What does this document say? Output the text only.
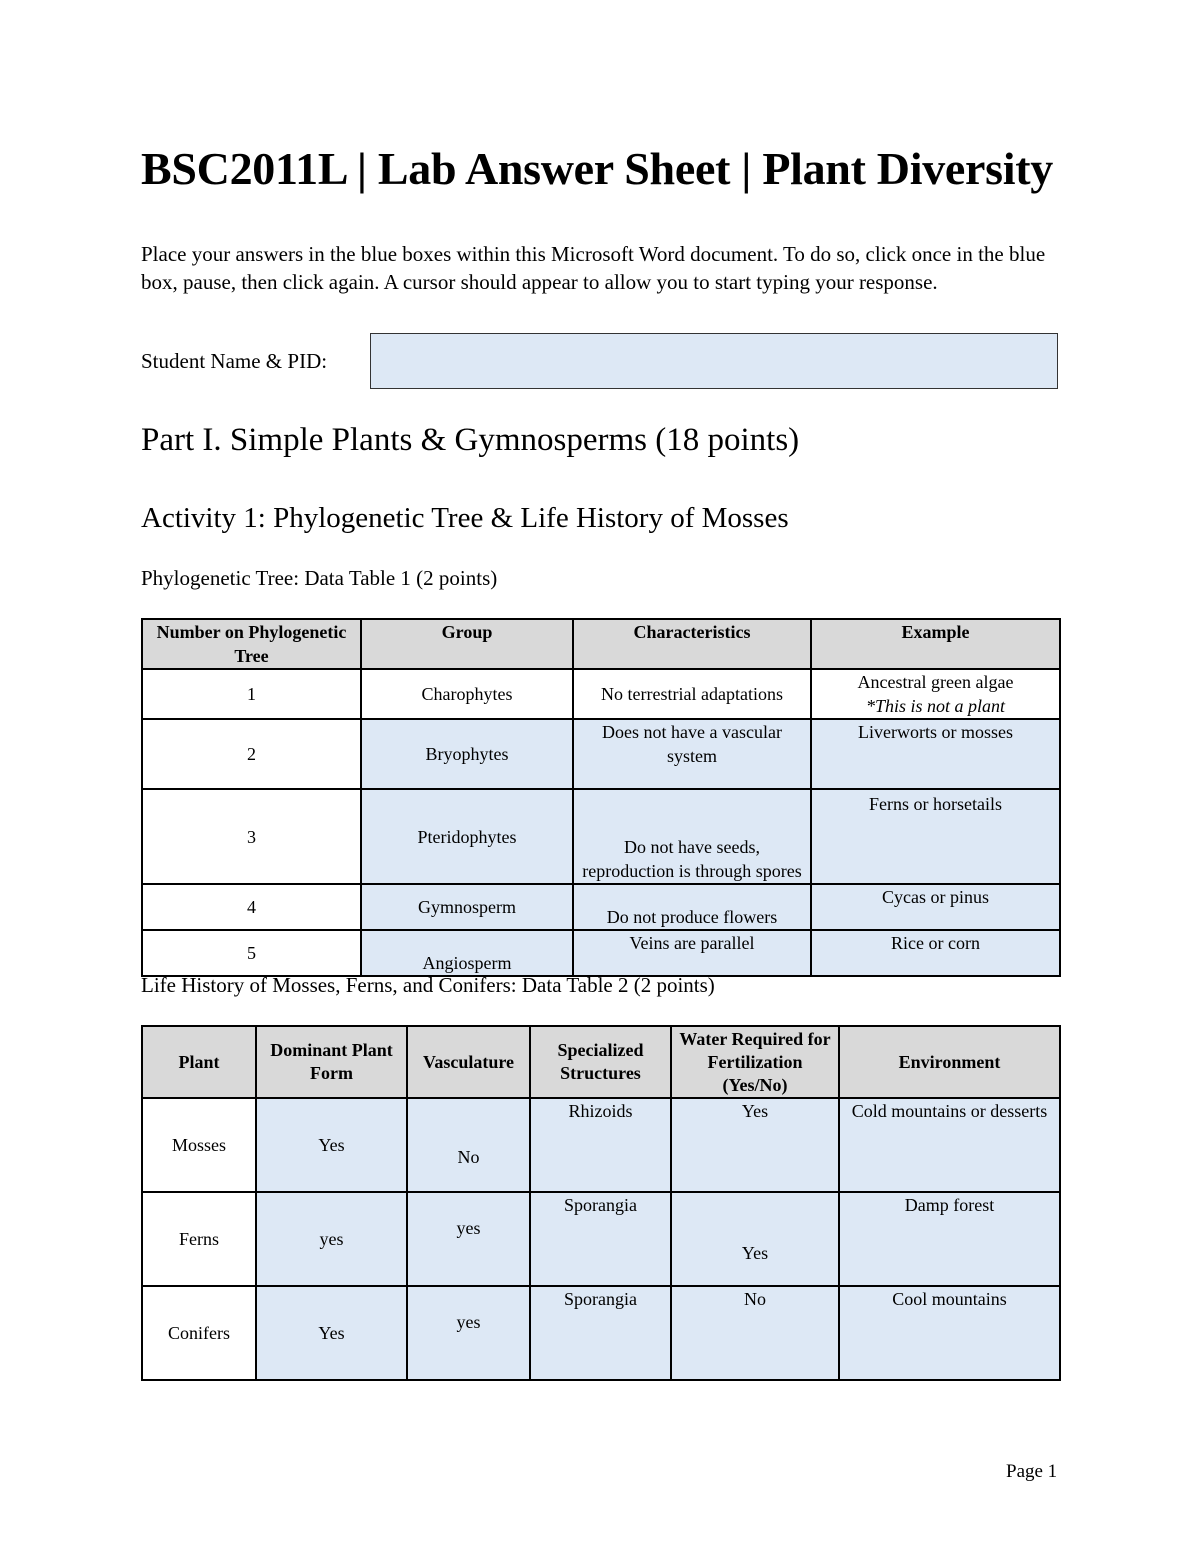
BSC2011L | Lab Answer Sheet | Plant Diversity
Place your answers in the blue boxes within this Microsoft Word document. To do so, click once in the blue box, pause, then click again. A cursor should appear to allow you to start typing your response.
Student Name & PID:
Part I. Simple Plants & Gymnosperms (18 points)
Activity 1: Phylogenetic Tree & Life History of Mosses
Phylogenetic Tree: Data Table 1 (2 points)
Number on Phylogenetic Tree	Group	Characteristics	Example
1	Charophytes	No terrestrial adaptations	Ancestral green algae
*This is not a plant

2	Bryophytes	Does not have a vascular system	Liverworts or mosses
3	Pteridophytes	Do not have seeds, reproduction is through spores	Ferns or horsetails
4	Gymnosperm	Do not produce flowers	Cycas or pinus
5	Angiosperm	Veins are parallel	Rice or corn
Life History of Mosses, Ferns, and Conifers: Data Table 2 (2 points)
Plant	Dominant Plant Form	Vasculature	Specialized Structures	Water Required for Fertilization (Yes/No)	Environment
Mosses	Yes	No	Rhizoids	Yes	Cold mountains or desserts
Ferns	yes	yes	Sporangia	Yes	Damp forest
Conifers	Yes	yes	Sporangia	No	Cool mountains
Page 1
